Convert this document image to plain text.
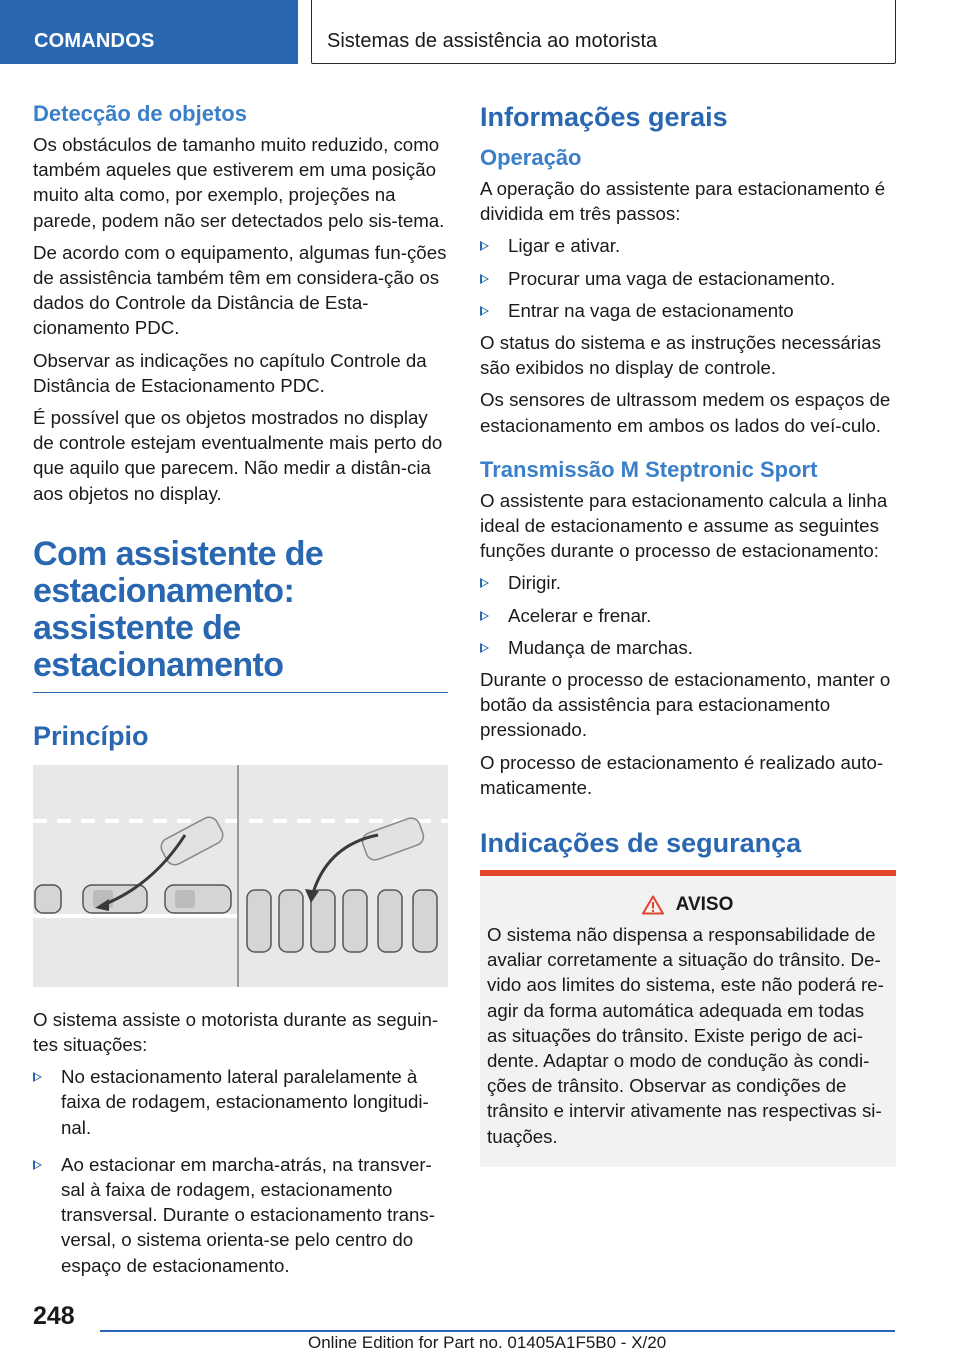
COMANDOS	Sistemas de assistência ao motorista
Detecção de objetos

Os obstáculos de tamanho muito reduzido, como também aqueles que estiverem em uma posição muito alta como, por exemplo, projeções na parede, podem não ser detectados pelo sis‐tema.

De acordo com o equipamento, algumas fun‐ções de assistência também têm em considera‐ção os dados do Controle da Distância de Esta‐cionamento PDC.

Observar as indicações no capítulo Controle da Distância de Estacionamento PDC.

É possível que os objetos mostrados no display de controle estejam eventualmente mais perto do que aquilo que parecem. Não medir a distân‐cia aos objetos no display.

Com assistente de estacionamento: assistente de estacionamento
Princípio

O sistema assiste o motorista durante as seguin‐tes situações:

No estacionamento lateral paralelamente à faixa de rodagem, estacionamento longitudi‐nal.
Ao estacionar em marcha-atrás, na transver‐sal à faixa de rodagem, estacionamento transversal. Durante o estacionamento trans‐versal, o sistema orienta-se pelo centro do espaço de estacionamento.
Informações gerais
Operação

A operação do assistente para estacionamento é dividida em três passos:

Ligar e ativar.
Procurar uma vaga de estacionamento.
Entrar na vaga de estacionamento

O status do sistema e as instruções necessárias são exibidos no display de controle.

Os sensores de ultrassom medem os espaços de estacionamento em ambos os lados do veí‐culo.

Transmissão M Steptronic Sport

O assistente para estacionamento calcula a linha ideal de estacionamento e assume as seguintes funções durante o processo de estacionamento:

Dirigir.
Acelerar e frenar.
Mudança de marchas.

Durante o processo de estacionamento, manter o botão da assistência para estacionamento pressionado.

O processo de estacionamento é realizado auto‐maticamente.

Indicações de segurança
AVISO

O sistema não dispensa a responsabilidade de avaliar corretamente a situação do trânsito. De‐vido aos limites do sistema, este não poderá re‐agir da forma automática adequada em todas as situações do trânsito. Existe perigo de aci‐dente. Adaptar o modo de condução às condi‐ções de trânsito. Observar as condições de trânsito e intervir ativamente nas respectivas si‐tuações.

248
Online Edition for Part no. 01405A1F5B0 - X/20
